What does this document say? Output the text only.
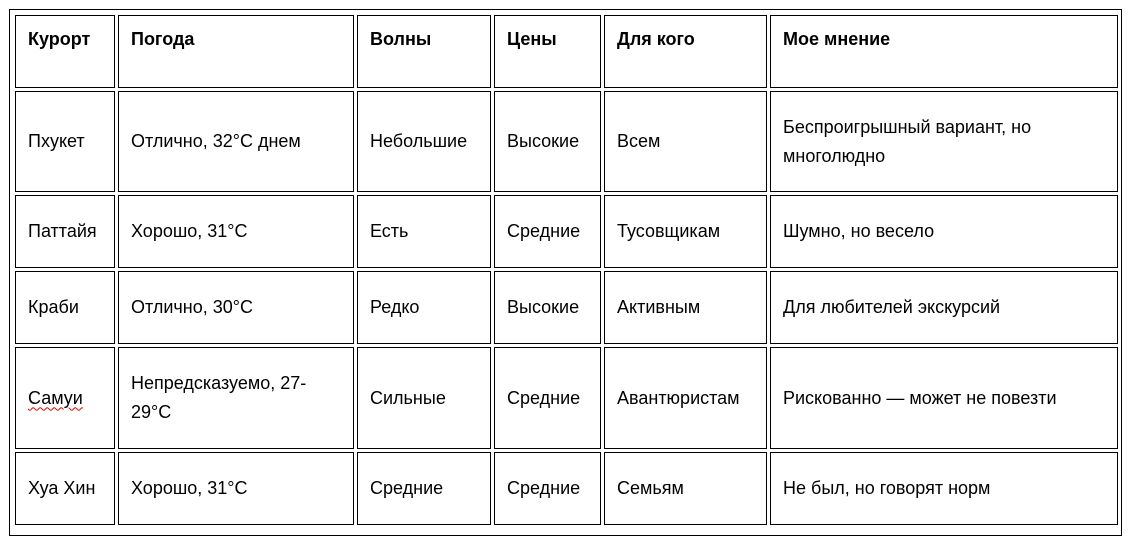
Курорт	Погода	Волны	Цены	Для кого	Мое мнение
Пхукет	Отлично, 32°C днем	Небольшие	Высокие	Всем	Беспроигрышный вариант, но многолюдно
Паттайя	Хорошо, 31°C	Есть	Средние	Тусовщикам	Шумно, но весело
Краби	Отлично, 30°C	Редко	Высокие	Активным	Для любителей экскурсий
Самуи	Непредсказуемо, 27-29°C	Сильные	Средние	Авантюристам	Рискованно — может не повезти
Хуа Хин	Хорошо, 31°C	Средние	Средние	Семьям	Не был, но говорят норм
